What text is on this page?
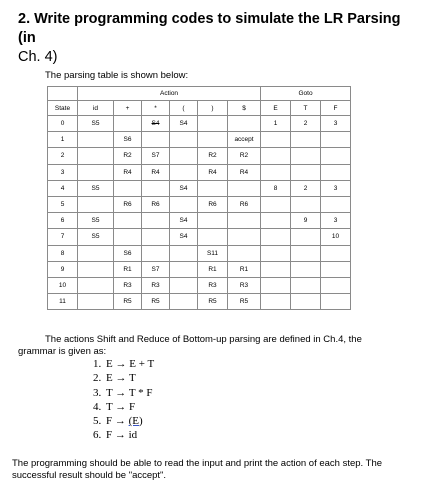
2. Write programming codes to simulate the LR Parsing (in
Ch. 4)
The parsing table is shown below:
	Action						Goto		
State	id	+	*	(	)	$	E	T	F
0	S5		S4	S4			1	2	3
1		S6				accept			
2		R2	S7		R2	R2			
3		R4	R4		R4	R4			
4	S5			S4			8	2	3
5		R6	R6		R6	R6			
6	S5			S4				9	3
7	S5			S4					10
8		S6			S11				
9		R1	S7		R1	R1			
10		R3	R3		R3	R3			
11		R5	R5		R5	R5			
The actions Shift and Reduce of Bottom-up parsing are defined in Ch.4, the
grammar is given as:
1. E → E + T
2. E → T
3. T → T * F
4. T → F
5. F → (E)
6. F → id
The programming should be able to read the input and print the action of each step. The
successful result should be "accept".
